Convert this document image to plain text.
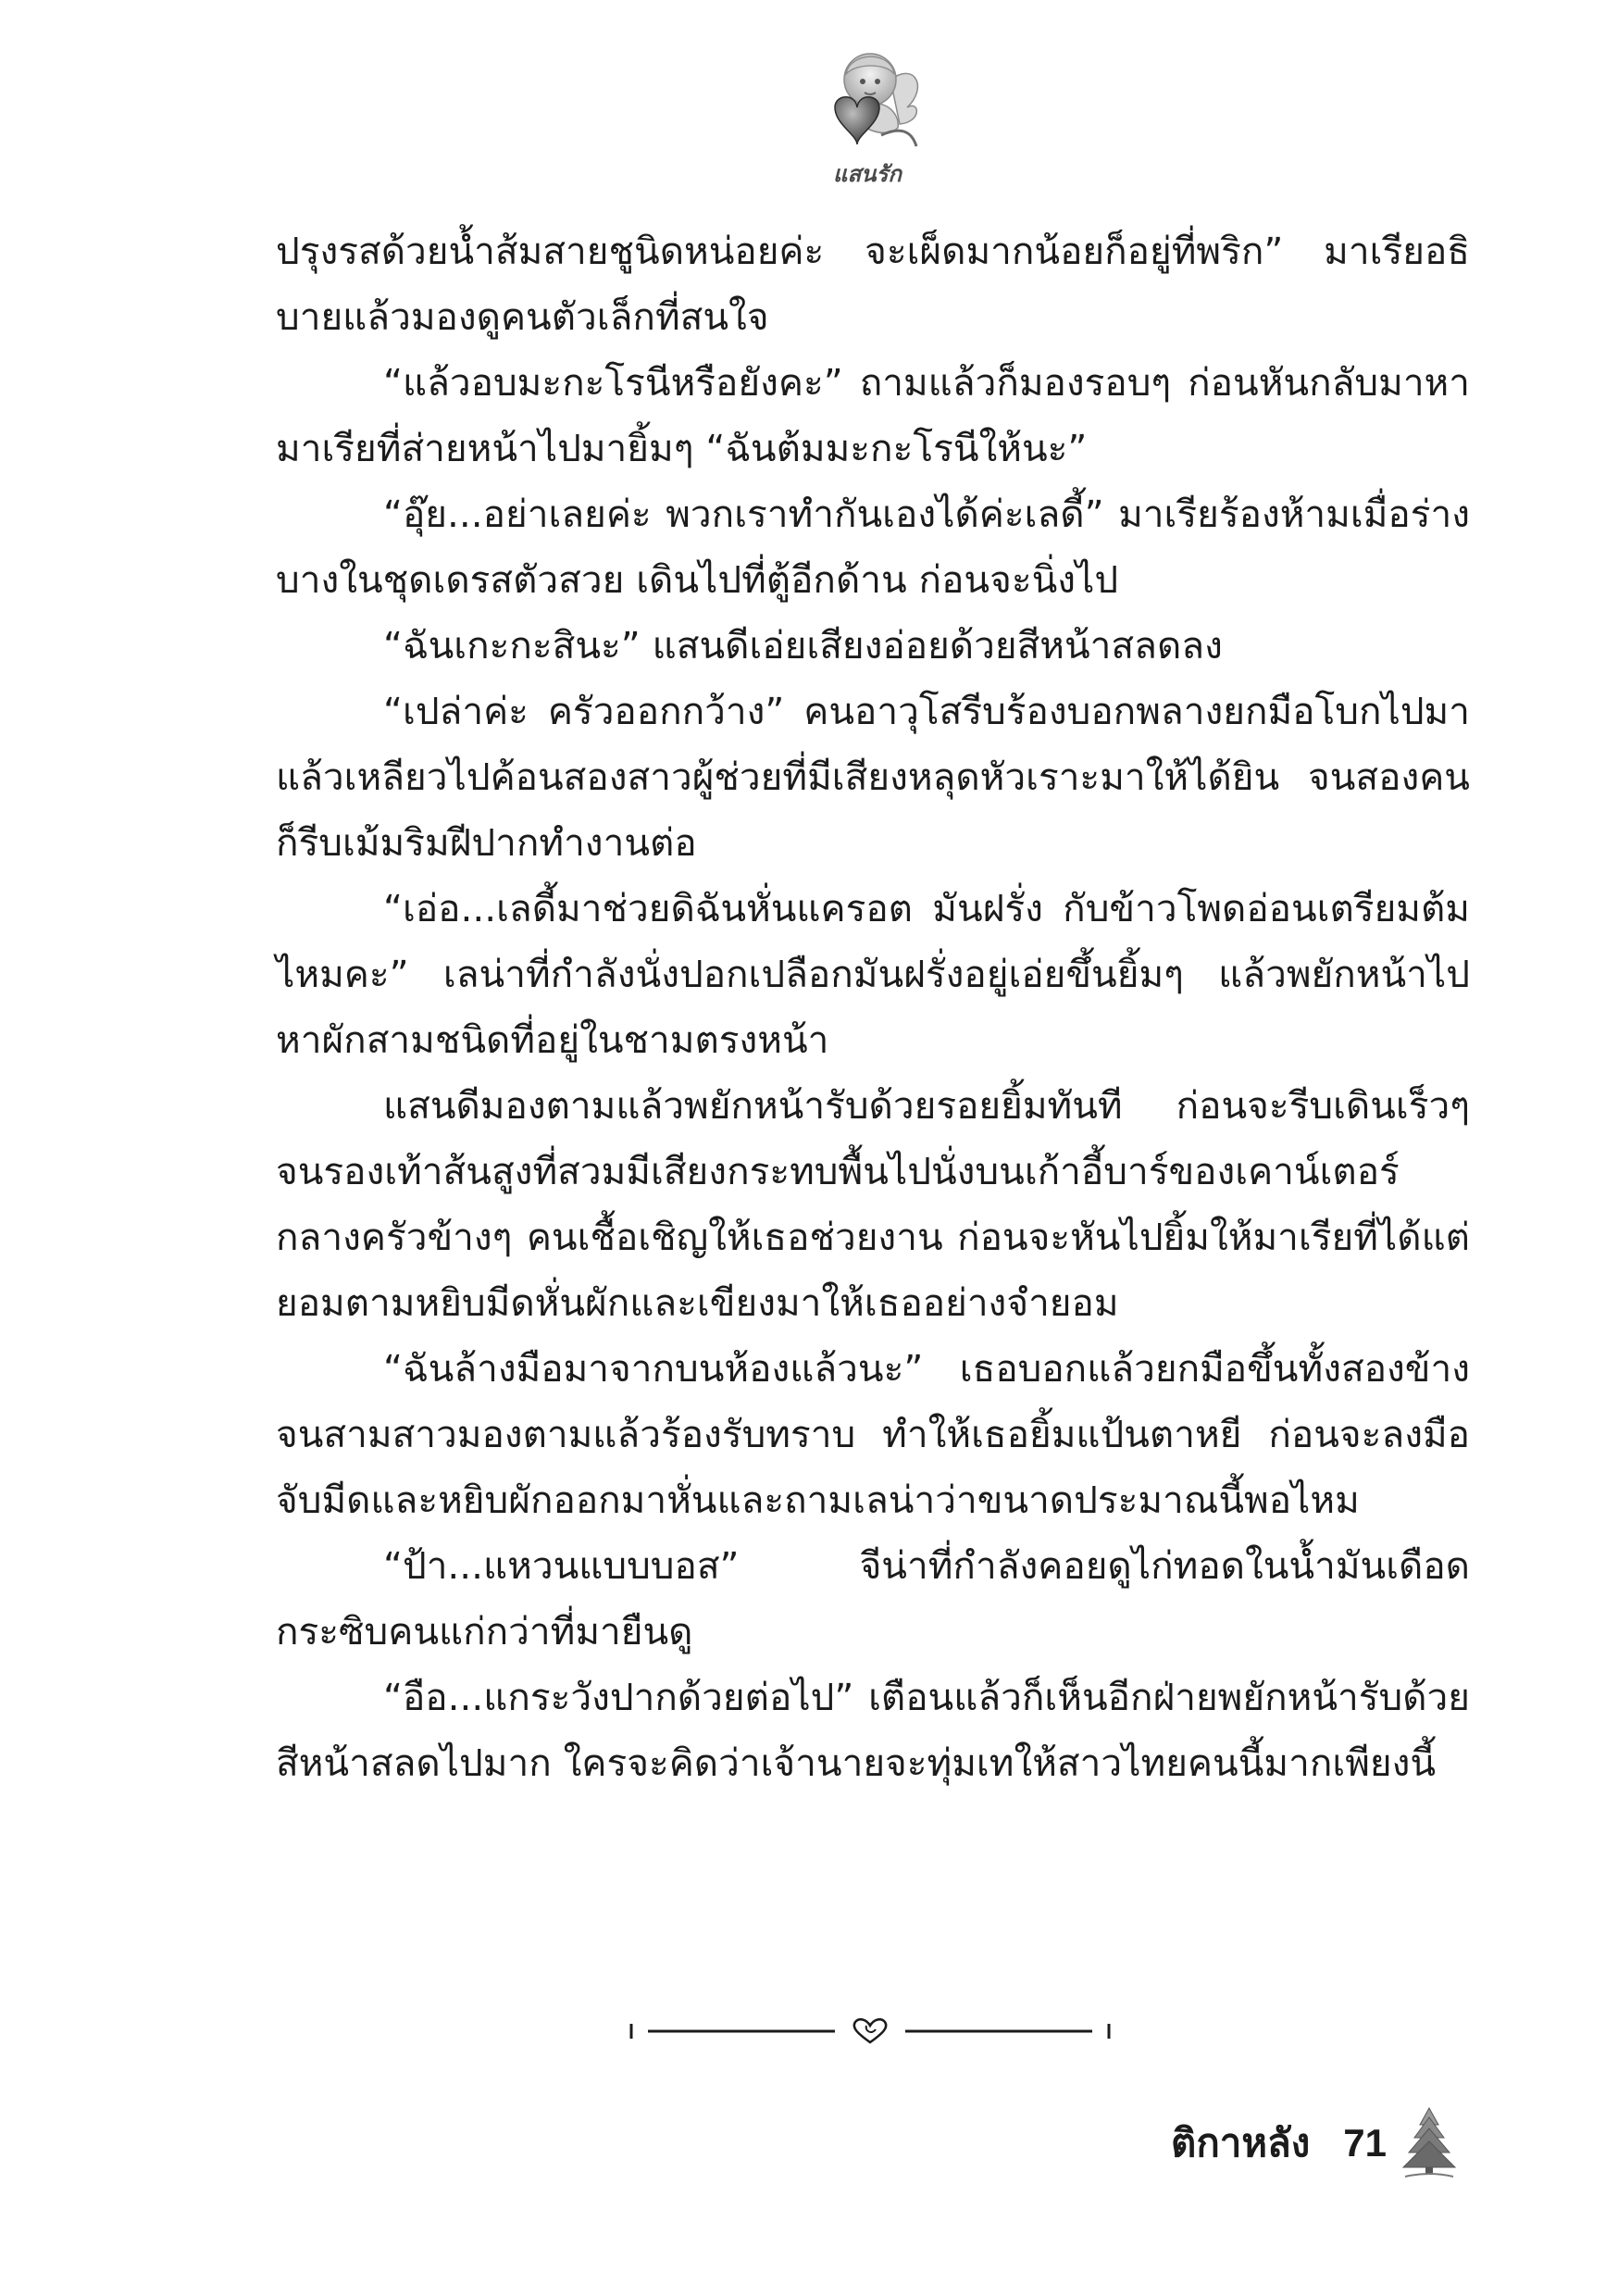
แสนรัก

ปรุงรสด้วยน้ำส้มสายชูนิดหน่อยค่ะ จะเผ็ดมากน้อยก็อยู่ที่พริก” มาเรียอธิบายแล้วมองดูคนตัวเล็กที่สนใจ

“แล้วอบมะกะโรนีหรือยังคะ” ถามแล้วก็มองรอบๆ ก่อนหันกลับมาหามาเรียที่ส่ายหน้าไปมายิ้มๆ “ฉันต้มมะกะโรนีให้นะ”

“อุ๊ย...อย่าเลยค่ะ พวกเราทำกันเองได้ค่ะเลดี้” มาเรียร้องห้ามเมื่อร่างบางในชุดเดรสตัวสวย เดินไปที่ตู้อีกด้าน ก่อนจะนิ่งไป

“ฉันเกะกะสินะ” แสนดีเอ่ยเสียงอ่อยด้วยสีหน้าสลดลง

“เปล่าค่ะ ครัวออกกว้าง” คนอาวุโสรีบร้องบอกพลางยกมือโบกไปมาแล้วเหลียวไปค้อนสองสาวผู้ช่วยที่มีเสียงหลุดหัวเราะมาให้ได้ยิน จนสองคนก็รีบเม้มริมฝีปากทำงานต่อ

“เอ่อ...เลดี้มาช่วยดิฉันหั่นแครอต มันฝรั่ง กับข้าวโพดอ่อนเตรียมต้มไหมคะ” เลน่าที่กำลังนั่งปอกเปลือกมันฝรั่งอยู่เอ่ยขึ้นยิ้มๆ แล้วพยักหน้าไปหาผักสามชนิดที่อยู่ในชามตรงหน้า

แสนดีมองตามแล้วพยักหน้ารับด้วยรอยยิ้มทันที ก่อนจะรีบเดินเร็วๆ จนรองเท้าส้นสูงที่สวมมีเสียงกระทบพื้นไปนั่งบนเก้าอี้บาร์ของเคาน์เตอร์กลางครัวข้างๆ คนเชื้อเชิญให้เธอช่วยงาน ก่อนจะหันไปยิ้มให้มาเรียที่ได้แต่ยอมตามหยิบมีดหั่นผักและเขียงมาให้เธออย่างจำยอม

“ฉันล้างมือมาจากบนห้องแล้วนะ” เธอบอกแล้วยกมือขึ้นทั้งสองข้างจนสามสาวมองตามแล้วร้องรับทราบ ทำให้เธอยิ้มแป้นตาหยี ก่อนจะลงมือจับมีดและหยิบผักออกมาหั่นและถามเลน่าว่าขนาดประมาณนี้พอไหม

“ป้า...แหวนแบบบอส” จีน่าที่กำลังคอยดูไก่ทอดในน้ำมันเดือดกระซิบคนแก่กว่าที่มายืนดู

“อือ...แกระวังปากด้วยต่อไป” เตือนแล้วก็เห็นอีกฝ่ายพยักหน้ารับด้วยสีหน้าสลดไปมาก ใครจะคิดว่าเจ้านายจะทุ่มเทให้สาวไทยคนนี้มากเพียงนี้

ติกาหลัง 71
